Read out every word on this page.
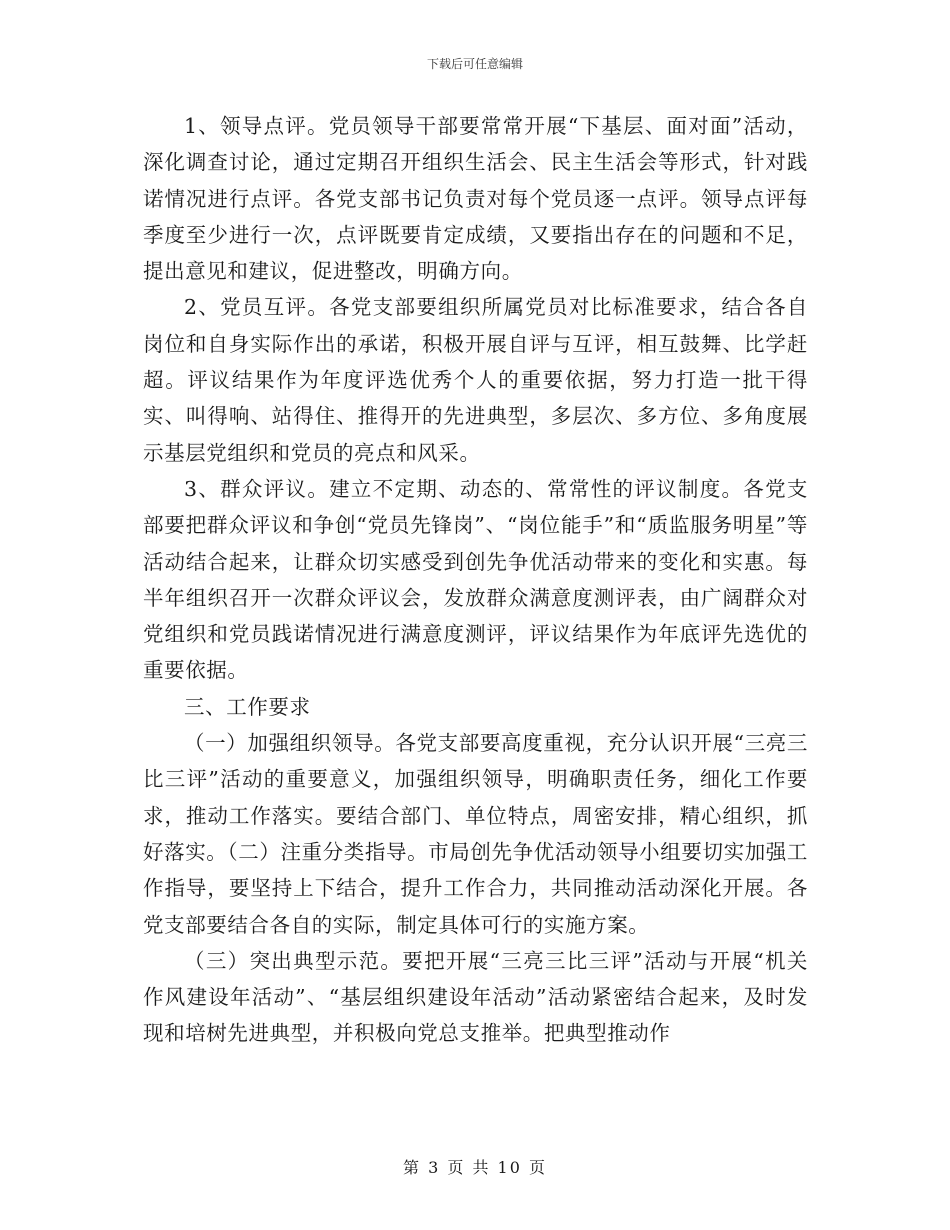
下载后可任意编辑

1、领导点评。党员领导干部要常常开展“下基层、面对面”活动，深化调查讨论，通过定期召开组织生活会、民主生活会等形式，针对践诺情况进行点评。各党支部书记负责对每个党员逐一点评。领导点评每季度至少进行一次，点评既要肯定成绩，又要指出存在的问题和不足，提出意见和建议，促进整改，明确方向。

2、党员互评。各党支部要组织所属党员对比标准要求，结合各自岗位和自身实际作出的承诺，积极开展自评与互评，相互鼓舞、比学赶超。评议结果作为年度评选优秀个人的重要依据，努力打造一批干得实、叫得响、站得住、推得开的先进典型，多层次、多方位、多角度展示基层党组织和党员的亮点和风采。

3、群众评议。建立不定期、动态的、常常性的评议制度。各党支部要把群众评议和争创“党员先锋岗”、“岗位能手”和“质监服务明星”等活动结合起来，让群众切实感受到创先争优活动带来的变化和实惠。每半年组织召开一次群众评议会，发放群众满意度测评表，由广阔群众对党组织和党员践诺情况进行满意度测评，评议结果作为年底评先选优的重要依据。

三、工作要求

（一）加强组织领导。各党支部要高度重视，充分认识开展“三亮三比三评”活动的重要意义，加强组织领导，明确职责任务，细化工作要求，推动工作落实。要结合部门、单位特点，周密安排，精心组织，抓好落实。（二）注重分类指导。市局创先争优活动领导小组要切实加强工作指导，要坚持上下结合，提升工作合力，共同推动活动深化开展。各党支部要结合各自的实际，制定具体可行的实施方案。

（三）突出典型示范。要把开展“三亮三比三评”活动与开展“机关作风建设年活动”、“基层组织建设年活动”活动紧密结合起来，及时发现和培树先进典型，并积极向党总支推举。把典型推动作

第 3 页 共 10 页
